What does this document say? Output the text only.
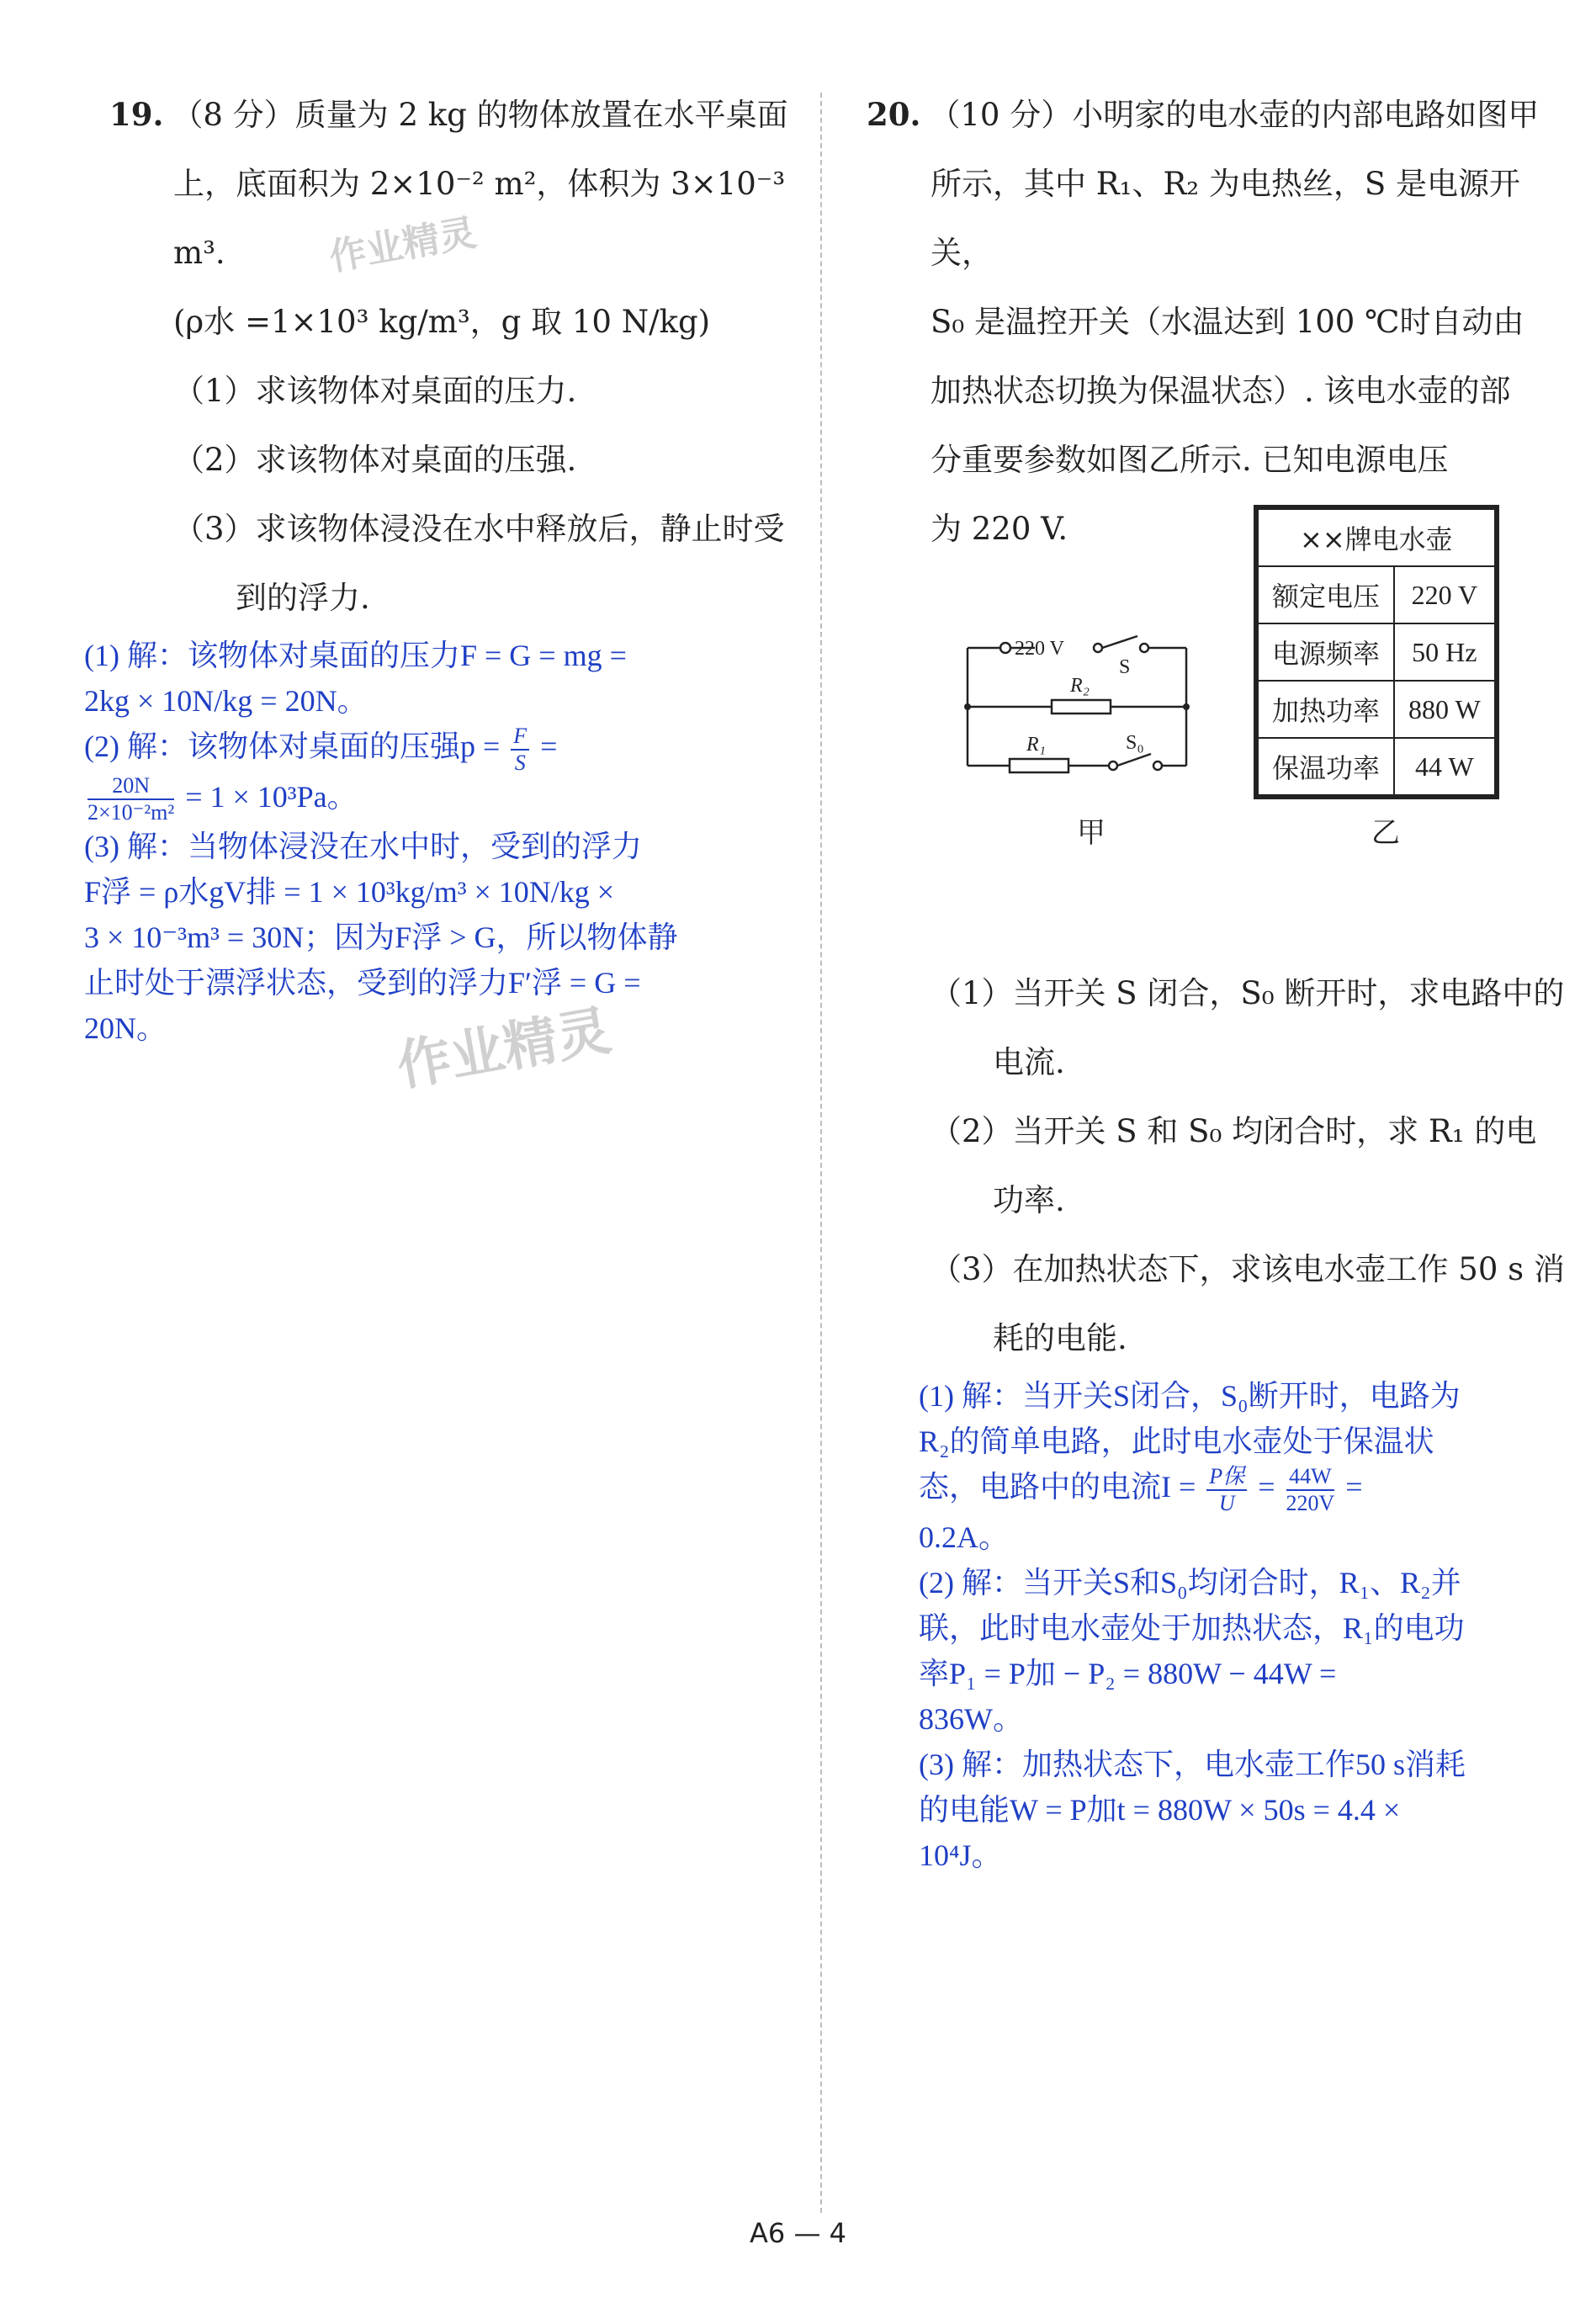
19. （8 分）质量为 2 kg 的物体放置在水平桌面
上，底面积为 2×10⁻² m²，体积为 3×10⁻³ m³.
(ρ水 =1×10³ kg/m³，g 取 10 N/kg)
（1）求该物体对桌面的压力.
（2）求该物体对桌面的压强.
（3）求该物体浸没在水中释放后，静止时受
到的浮力.
(1) 解：该物体对桌面的压力F = G = mg =
2kg × 10N/kg = 20N。
(2) 解：该物体对桌面的压强$p = \frac{F}{S}$ =
$\frac{20N}{\text{2×10⁻²m²}} = 1 \times 10^3Pa$。
(3) 解：当物体浸没在水中时，受到的浮力
F浮 = ρ水gV排 = 1 × 10³kg/m³ × 10N/kg ×
3 × 10⁻³m³ = 30N；因为F浮 > G，所以物体静
止时处于漂浮状态，受到的浮力F′浮 = G =
20N。
20. （10 分）小明家的电水壶的内部电路如图甲
所示，其中 R₁、R₂ 为电热丝，S 是电源开关，
S₀ 是温控开关（水温达到 100 ℃时自动由
加热状态切换为保温状态）. 该电水壶的部
分重要参数如图乙所示. 已知电源电压
为 220 V.
（1）当开关 S 闭合，S₀ 断开时，求电路中的
电流.
（2）当开关 S 和 S₀ 均闭合时，求 R₁ 的电
功率.
（3）在加热状态下，求该电水壶工作 50 s 消
耗的电能.
(1) 解：当开关S闭合，S₀断开时，电路为
R₂的简单电路，此时电水壶处于保温状
态，电路中的电流$I = \frac{\text{P保}}{U} = \frac{44W}{220V}$ =
0.2A。
(2) 解：当开关S和S₀均闭合时，R₁、R₂并
联，此时电水壶处于加热状态，R₁的电功
率P₁ = P加 − P₂ = 880W − 44W =
836W。
(3) 解：加热状态下，电水壶工作50 s消耗
的电能W = P加t = 880W × 50s = 4.4 ×
10⁴J。
220 V
S
R₂
R₁	S₀
甲
××牌电水壶	
额定电压	220 V
电源频率	50 Hz
加热功率	880 W
保温功率	44 W
乙
作业精灵
作业精灵
A6 — 4
